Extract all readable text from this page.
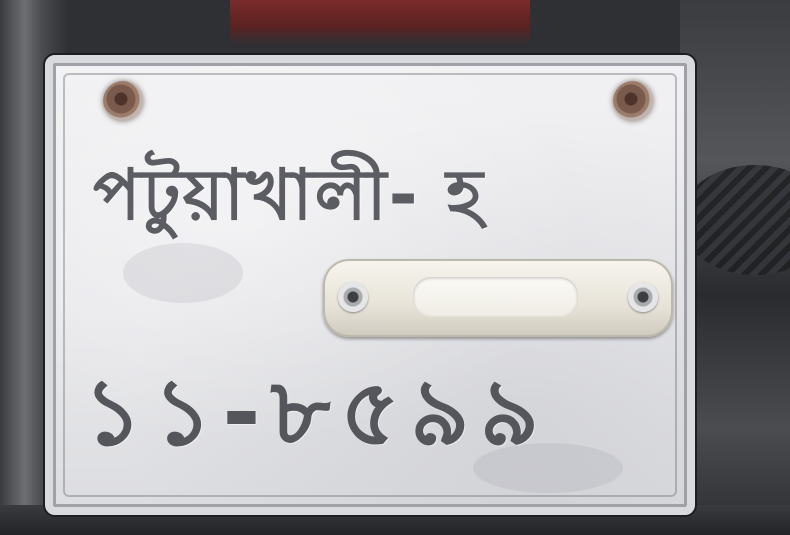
পটুয়াখালী- হ
১১-৮৫৯৯
